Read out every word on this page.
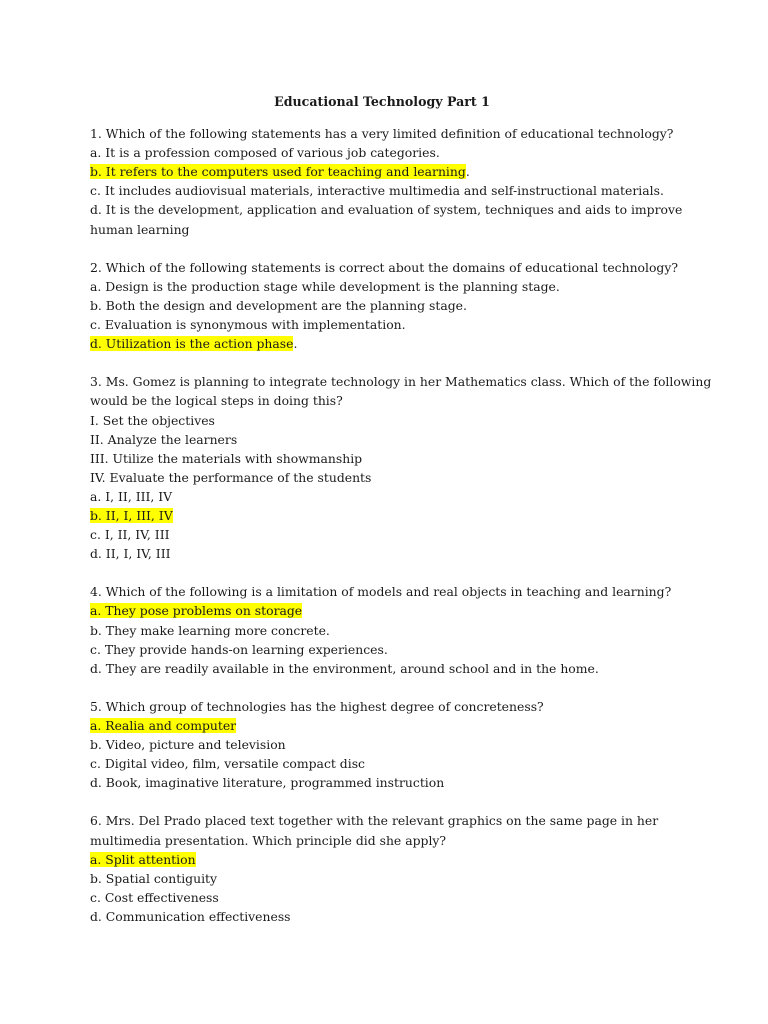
Educational Technology Part 1
1. Which of the following statements has a very limited definition of educational technology?
a. It is a profession composed of various job categories.
b. It refers to the computers used for teaching and learning.
c. It includes audiovisual materials, interactive multimedia and self-instructional materials.
d. It is the development, application and evaluation of system, techniques and aids to improve
human learning
2. Which of the following statements is correct about the domains of educational technology?
a. Design is the production stage while development is the planning stage.
b. Both the design and development are the planning stage.
c. Evaluation is synonymous with implementation.
d. Utilization is the action phase.
3. Ms. Gomez is planning to integrate technology in her Mathematics class. Which of the following
would be the logical steps in doing this?
I. Set the objectives
II. Analyze the learners
III. Utilize the materials with showmanship
IV. Evaluate the performance of the students
a. I, II, III, IV
b. II, I, III, IV
c. I, II, IV, III
d. II, I, IV, III
4. Which of the following is a limitation of models and real objects in teaching and learning?
a. They pose problems on storage
b. They make learning more concrete.
c. They provide hands-on learning experiences.
d. They are readily available in the environment, around school and in the home.
5. Which group of technologies has the highest degree of concreteness?
a. Realia and computer
b. Video, picture and television
c. Digital video, film, versatile compact disc
d. Book, imaginative literature, programmed instruction
6. Mrs. Del Prado placed text together with the relevant graphics on the same page in her
multimedia presentation. Which principle did she apply?
a. Split attention
b. Spatial contiguity
c. Cost effectiveness
d. Communication effectiveness
